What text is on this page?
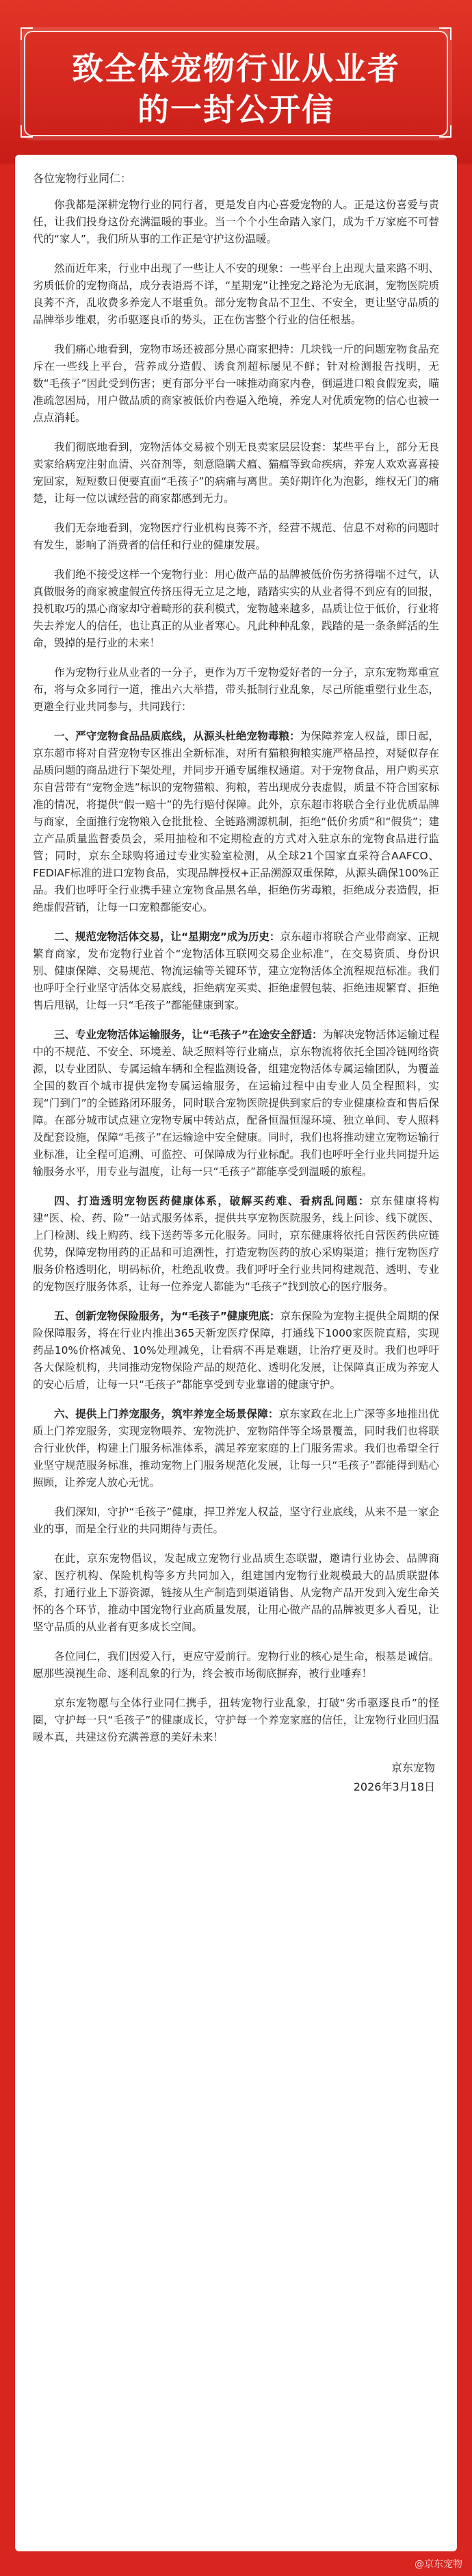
致全体宠物行业从业者
的一封公开信

各位宠物行业同仁：

你我都是深耕宠物行业的同行者，更是发自内心喜爱宠物的人。正是这份喜爱与责任，让我们投身这份充满温暖的事业。当一个个小生命踏入家门，成为千万家庭不可替代的“家人”，我们所从事的工作正是守护这份温暖。

然而近年来，行业中出现了一些让人不安的现象：一些平台上出现大量来路不明、劣质低价的宠物商品，成分表语焉不详，“星期宠”让挫宠之路沦为无底洞，宠物医院质良莠不齐，乱收费多养宠人不堪重负。部分宠物食品不卫生、不安全，更让坚守品质的品牌举步维艰，劣币驱逐良币的势头，正在伤害整个行业的信任根基。

我们痛心地看到，宠物市场还被部分黑心商家把持：几块钱一斤的问题宠物食品充斥在一些线上平台，营养成分造假、诱食剂超标屡见不鲜；针对检测报告找明，无数“毛孩子”因此受到伤害；更有部分平台一味推动商家内卷，倒逼进口粮食假宠卖，瞄准疏忽困局，用户做品质的商家被低价内卷逼入绝境，养宠人对优质宠物的信心也被一点点消耗。

我们彻底地看到，宠物活体交易被个别无良卖家层层设套：某些平台上，部分无良卖家给病宠注射血清、兴奋剂等，刻意隐瞒犬瘟、猫瘟等致命疾病，养宠人欢欢喜喜接宠回家，短短数日便要直面“毛孩子”的病痛与离世。美好期许化为泡影，维权无门的痛楚，让每一位以诚经营的商家都感到无力。

我们无奈地看到，宠物医疗行业机构良莠不齐，经营不规范、信息不对称的问题时有发生，影响了消费者的信任和行业的健康发展。

我们绝不接受这样一个宠物行业：用心做产品的品牌被低价伤劣挤得喘不过气，认真做服务的商家被虚假宣传挤压得无立足之地，踏踏实实的从业者得不到应有的回报，投机取巧的黑心商家却守着畸形的获利模式，宠物越来越多，品质让位于低价，行业将失去养宠人的信任，也让真正的从业者寒心。凡此种种乱象，践踏的是一条条鲜活的生命，毁掉的是行业的未来！

作为宠物行业从业者的一分子，更作为万千宠物爱好者的一分子，京东宠物郑重宣布，将与众多同行一道，推出六大举措，带头抵制行业乱象，尽己所能重塑行业生态，更邀全行业共同参与，共同践行：

一、严守宠物食品品质底线，从源头杜绝宠物毒粮：为保障养宠人权益，即日起，京东超市将对自营宠物专区推出全新标准，对所有猫粮狗粮实施严格品控，对疑似存在品质问题的商品进行下架处理，并同步开通专属维权通道。对于宠物食品，用户购买京东自营带有“宠物金选”标识的宠物猫粮、狗粮，若出现成分表虚假，质量不符合国家标准的情况，将提供“假一赔十”的先行赔付保障。此外，京东超市将联合全行业优质品牌与商家，全面推行宠物粮入仓批批检、全链路溯源机制，拒绝“低价劣质”和“假货”；建立产品质量监督委员会，采用抽检和不定期检查的方式对入驻京东的宠物食品进行监管；同时，京东全球购将通过专业实验室检测，从全球21个国家直采符合AAFCO、FEDIAF标准的进口宠物食品，实现品牌授权+正品溯源双重保障，从源头确保100%正品。我们也呼吁全行业携手建立宠物食品黑名单，拒绝伤劣毒粮，拒绝成分表造假，拒绝虚假营销，让每一口宠粮都能安心。

二、规范宠物活体交易，让“星期宠”成为历史：京东超市将联合产业带商家、正规繁育商家，发布宠物行业首个“宠物活体互联网交易企业标准”，在交易资质、身份识别、健康保障、交易规范、物流运输等关键环节，建立宠物活体全流程规范标准。我们也呼吁全行业坚守活体交易底线，拒绝病宠买卖、拒绝虚假包装、拒绝违规繁育、拒绝售后甩锅，让每一只“毛孩子”都能健康到家。

三、专业宠物活体运输服务，让“毛孩子”在途安全舒适：为解决宠物活体运输过程中的不规范、不安全、环境差、缺乏照料等行业痛点，京东物流将依托全国冷链网络资源，以专业团队、专属运输车辆和全程监测设备，组建宠物活体专属运输团队，为覆盖全国的数百个城市提供宠物专属运输服务，在运输过程中由专业人员全程照料，实现“门到门”的全链路闭环服务，同时联合宠物医院提供到家后的专业健康检查和售后保障。在部分城市试点建立宠物专属中转站点，配备恒温恒湿环境、独立单间、专人照料及配套设施，保障“毛孩子”在运输途中安全健康。同时，我们也将推动建立宠物运输行业标准，让全程可追溯、可监控、可保障成为行业标配。我们也呼吁全行业共同提升运输服务水平，用专业与温度，让每一只“毛孩子”都能享受到温暖的旅程。

四、打造透明宠物医药健康体系，破解买药难、看病乱问题：京东健康将构建“医、检、药、险”一站式服务体系，提供共享宠物医院服务，线上问诊、线下就医、上门检测、线上购药、线下送药等多元化服务。同时，京东健康将依托自营医药供应链优势，保障宠物用药的正品和可追溯性，打造宠物医药的放心采购渠道；推行宠物医疗服务价格透明化，明码标价，杜绝乱收费。我们呼吁全行业共同构建规范、透明、专业的宠物医疗服务体系，让每一位养宠人都能为“毛孩子”找到放心的医疗服务。

五、创新宠物保险服务，为“毛孩子”健康兜底：京东保险为宠物主提供全周期的保险保障服务，将在行业内推出365天新宠医疗保障，打通线下1000家医院直赔，实现药品10%价格减免、10%处理减免，让看病不再是难题，让治疗更及时。我们也呼吁各大保险机构，共同推动宠物保险产品的规范化、透明化发展，让保障真正成为养宠人的安心后盾，让每一只“毛孩子”都能享受到专业靠谱的健康守护。

六、提供上门养宠服务，筑牢养宠全场景保障：京东家政在北上广深等多地推出优质上门养宠服务，实现宠物喂养、宠物洗护、宠物陪伴等全场景覆盖，同时我们也将联合行业伙伴，构建上门服务标准体系，满足养宠家庭的上门服务需求。我们也希望全行业坚守规范服务标准，推动宠物上门服务规范化发展，让每一只“毛孩子”都能得到贴心照顾，让养宠人放心无忧。

我们深知，守护“毛孩子”健康，捍卫养宠人权益，坚守行业底线，从来不是一家企业的事，而是全行业的共同期待与责任。

在此，京东宠物倡议，发起成立宠物行业品质生态联盟，邀请行业协会、品牌商家、医疗机构、保险机构等多方共同加入，组建国内宠物行业规模最大的品质联盟体系，打通行业上下游资源，链接从生产制造到渠道销售、从宠物产品开发到入宠生命关怀的各个环节，推动中国宠物行业高质量发展，让用心做产品的品牌被更多人看见，让坚守品质的从业者有更多成长空间。

各位同仁，我们因爱入行，更应守爱前行。宠物行业的核心是生命，根基是诚信。愿那些漠视生命、逐利乱象的行为，终会被市场彻底摒弃，被行业唾弃！

京东宠物愿与全体行业同仁携手，扭转宠物行业乱象，打破“劣币驱逐良币”的怪圈，守护每一只“毛孩子”的健康成长，守护每一个养宠家庭的信任，让宠物行业回归温暖本真，共建这份充满善意的美好未来！

京东宠物
2026年3月18日
@京东宠物
